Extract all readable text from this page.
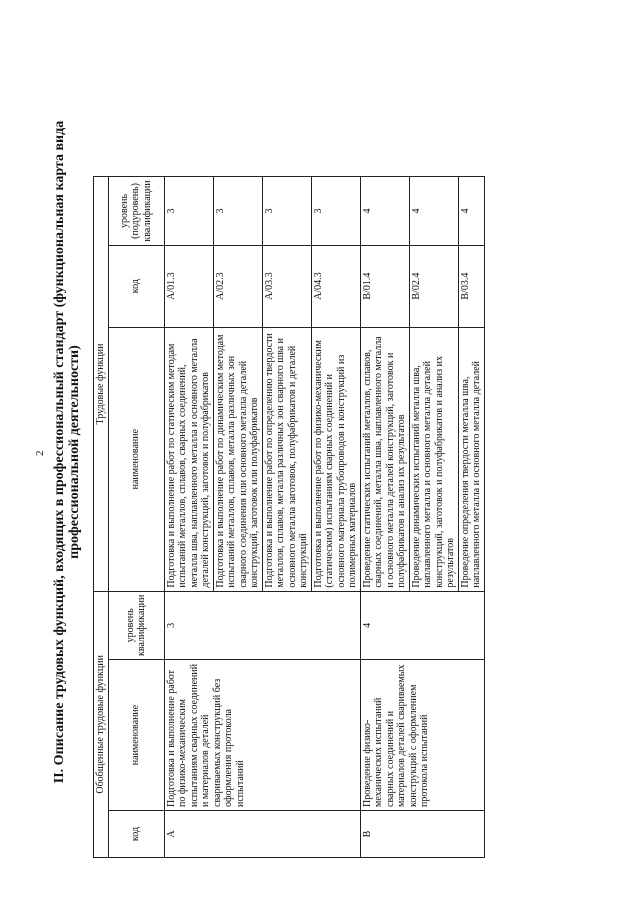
2 II. Описание трудовых функций, входящих в профессиональный стандарт (функциональная карта вида профессиональной деятельности)
Обобщенные трудовые функции			Трудовые функции		
код	наименование	уровень квалификации	наименование	код	уровень (подуровень) квалификации
A	Подготовка и выполнение работ по физико-механическим испытаниям сварных соединений и материалов деталей свариваемых конструкций без оформления протокола испытаний	3	Подготовка и выполнение работ по статическим методам испытаний металлов, сплавов, сварных соединений, металла шва, наплавленного металла и основного металла деталей конструкций, заготовок и полуфабрикатов	A/01.3	3
			Подготовка и выполнение работ по динамическим методам испытаний металлов, сплавов, металла различных зон сварного соединения или основного металла деталей конструкций, заготовок или полуфабрикатов	A/02.3	3
			Подготовка и выполнение работ по определению твердости металлов, сплавов, металла различных зон сварного шва и основного металла заготовок, полуфабрикатов и деталей конструкций	A/03.3	3
			Подготовка и выполнение работ по физико-механическим (статическим) испытаниям сварных соединений и основного материала трубопроводов и конструкций из полимерных материалов	A/04.3	3
B	Проведение физико-механических испытаний сварных соединений и материалов деталей свариваемых конструкций с оформлением протокола испытаний	4	Проведение статических испытаний металлов, сплавов, сварных соединений, металла шва, наплавленного металла и основного металла деталей конструкций, заготовок и полуфабрикатов и анализ их результатов	B/01.4	4
			Проведение динамических испытаний металла шва, наплавленного металла и основного металла деталей конструкций, заготовок и полуфабрикатов и анализ их результатов	B/02.4	4
			Проведение определения твердости металла шва, наплавленного металла и основного металла деталей	B/03.4	4
